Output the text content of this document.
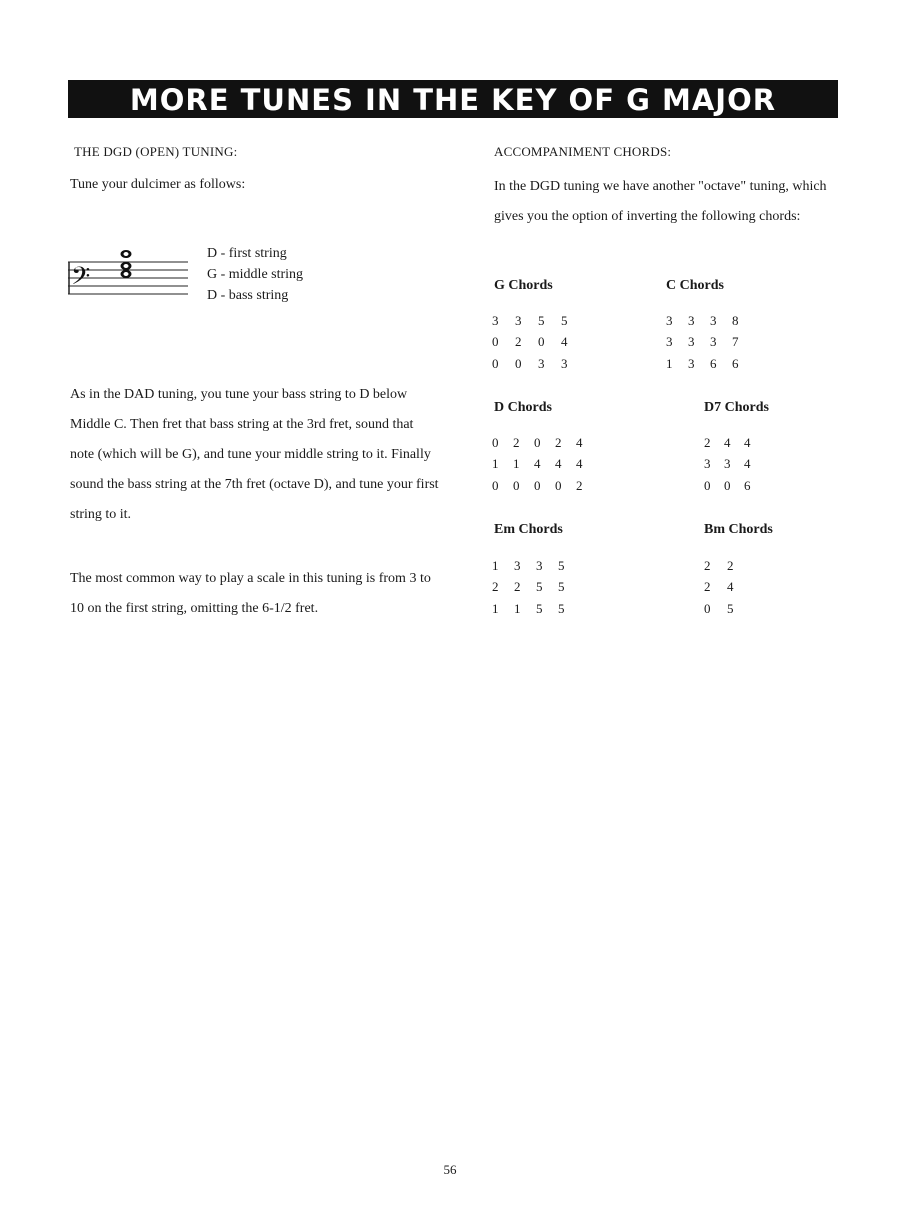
MORE TUNES IN THE KEY OF G MAJOR
THE DGD (OPEN) TUNING:
Tune your dulcimer as follows:
𝄢
D - first string
G - middle string
D - bass string
As in the DAD tuning, you tune your bass string to D below Middle C. Then fret that bass string at the 3rd fret, sound that note (which will be G), and tune your middle string to it. Finally sound the bass string at the 7th fret (octave D), and tune your first string to it.
The most common way to play a scale in this tuning is from 3 to 10 on the first string, omitting the 6-1/2 fret.
ACCOMPANIMENT CHORDS:
In the DGD tuning we have another "octave" tuning, which gives you the option of inverting the following chords:
G Chords
3	3	5	5
0	2	0	4
0	0	3	3
C Chords
3	3	3	8
3	3	3	7
1	3	6	6
D Chords
0	2	0	2	4
1	1	4	4	4
0	0	0	0	2
D7 Chords
2	4	4
3	3	4
0	0	6
Em Chords
1	3	3	5
2	2	5	5
1	1	5	5
Bm Chords
2	2
2	4
0	5
56
